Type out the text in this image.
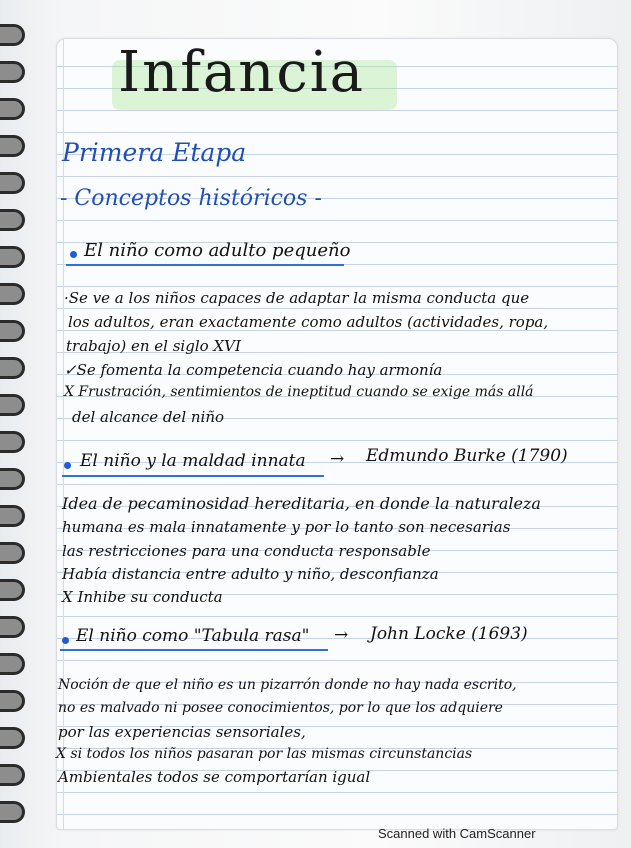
Infancia
Primera Etapa
- Conceptos históricos -
El niño como adulto pequeño
·Se ve a los niños capaces de adaptar la misma conducta que
los adultos, eran exactamente como adultos (actividades, ropa,
trabajo) en el siglo XVI
✓Se fomenta la competencia cuando hay armonía
X Frustración, sentimientos de ineptitud cuando se exige más allá
del alcance del niño
El niño y la maldad innata → Edmundo Burke (1790)
Idea de pecaminosidad hereditaria, en donde la naturaleza
humana es mala innatamente y por lo tanto son necesarias
las restricciones para una conducta responsable
Había distancia entre adulto y niño, desconfianza
X Inhibe su conducta
El niño como "Tabula rasa" → John Locke (1693)
Noción de que el niño es un pizarrón donde no hay nada escrito,
no es malvado ni posee conocimientos, por lo que los adquiere
por las experiencias sensoriales,
X si todos los niños pasaran por las mismas circunstancias
Ambientales todos se comportarían igual
Scanned with CamScanner
